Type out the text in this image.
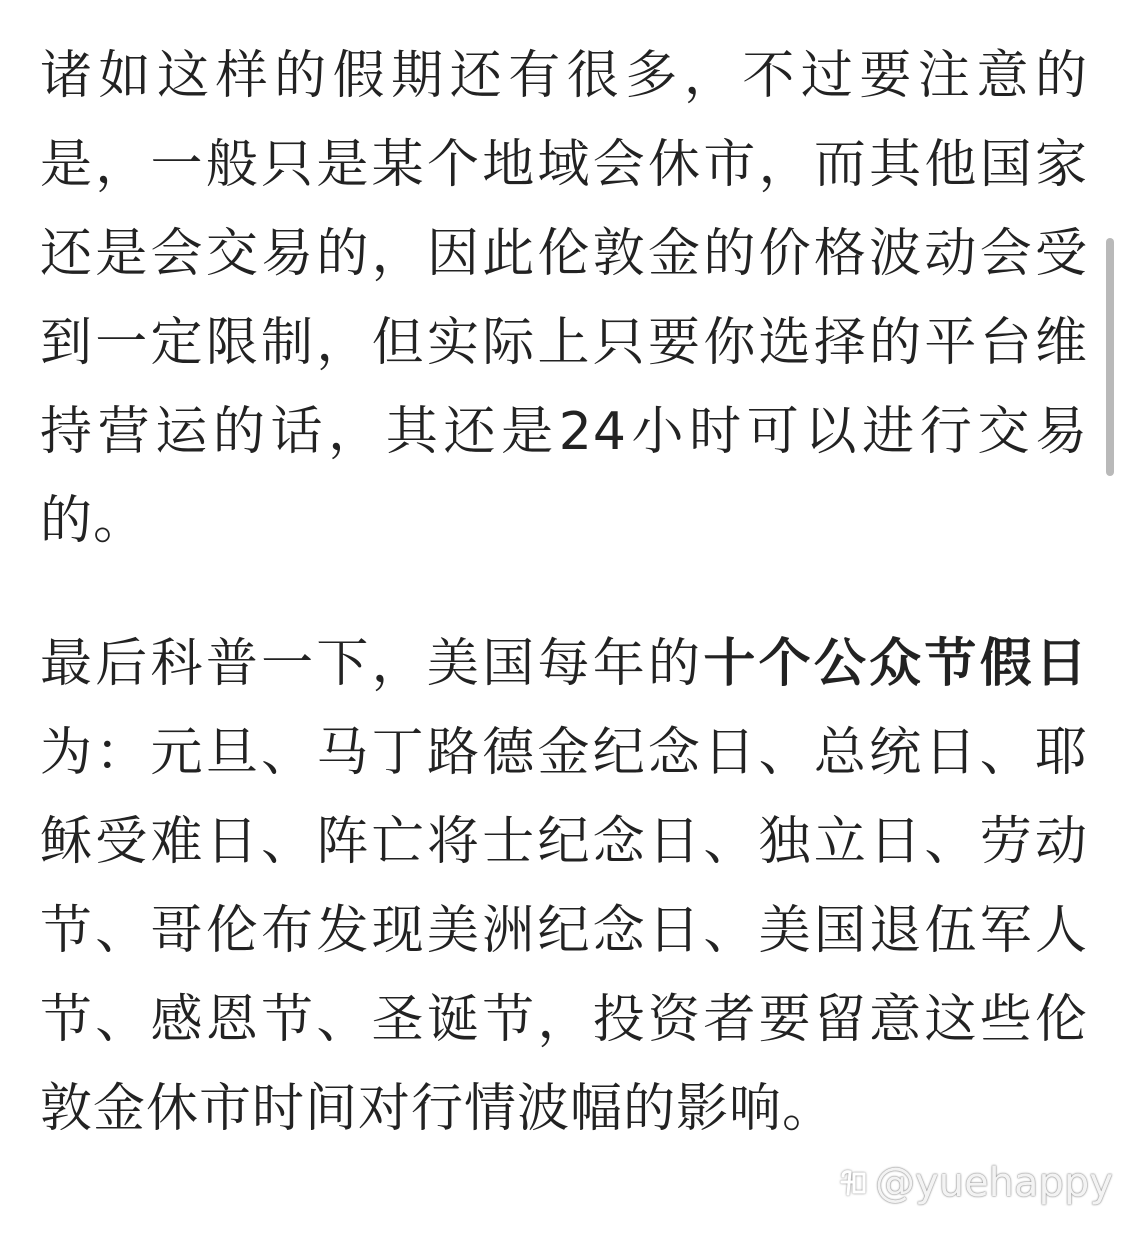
诸如这样的假期还有很多，不过要注意的是，一般只是某个地域会休市，而其他国家还是会交易的，因此伦敦金的价格波动会受到一定限制，但实际上只要你选择的平台维持营运的话，其还是24小时可以进行交易的。

最后科普一下，美国每年的十个公众节假日为：元旦、马丁路德金纪念日、总统日、耶稣受难日、阵亡将士纪念日、独立日、劳动节、哥伦布发现美洲纪念日、美国退伍军人节、感恩节、圣诞节，投资者要留意这些伦敦金休市时间对行情波幅的影响。

@yuehappy
